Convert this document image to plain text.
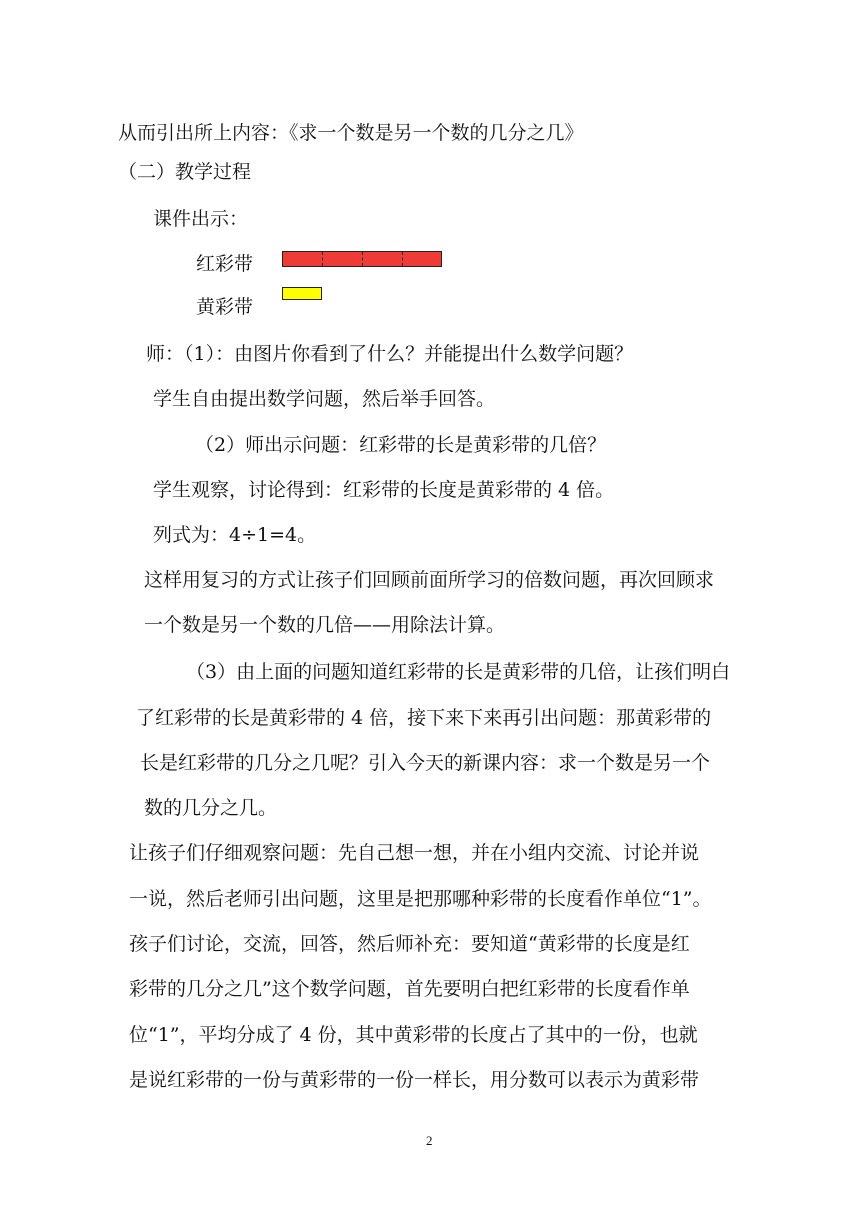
从而引出所上内容：《求一个数是另一个数的几分之几》
（二）教学过程
课件出示：
红彩带
黄彩带
师：（1）：由图片你看到了什么？并能提出什么数学问题？
学生自由提出数学问题，然后举手回答。
（2）师出示问题：红彩带的长是黄彩带的几倍？
学生观察，讨论得到：红彩带的长度是黄彩带的 4 倍。
列式为：4÷1=4。
这样用复习的方式让孩子们回顾前面所学习的倍数问题，再次回顾求
一个数是另一个数的几倍——用除法计算。
（3）由上面的问题知道红彩带的长是黄彩带的几倍，让孩们明白
了红彩带的长是黄彩带的 4 倍，接下来下来再引出问题：那黄彩带的
长是红彩带的几分之几呢？引入今天的新课内容：求一个数是另一个
数的几分之几。
让孩子们仔细观察问题：先自己想一想，并在小组内交流、讨论并说
一说，然后老师引出问题，这里是把那哪种彩带的长度看作单位“1”。
孩子们讨论，交流，回答，然后师补充：要知道“黄彩带的长度是红
彩带的几分之几”这个数学问题，首先要明白把红彩带的长度看作单
位“1”，平均分成了 4 份，其中黄彩带的长度占了其中的一份，也就
是说红彩带的一份与黄彩带的一份一样长，用分数可以表示为黄彩带
2
